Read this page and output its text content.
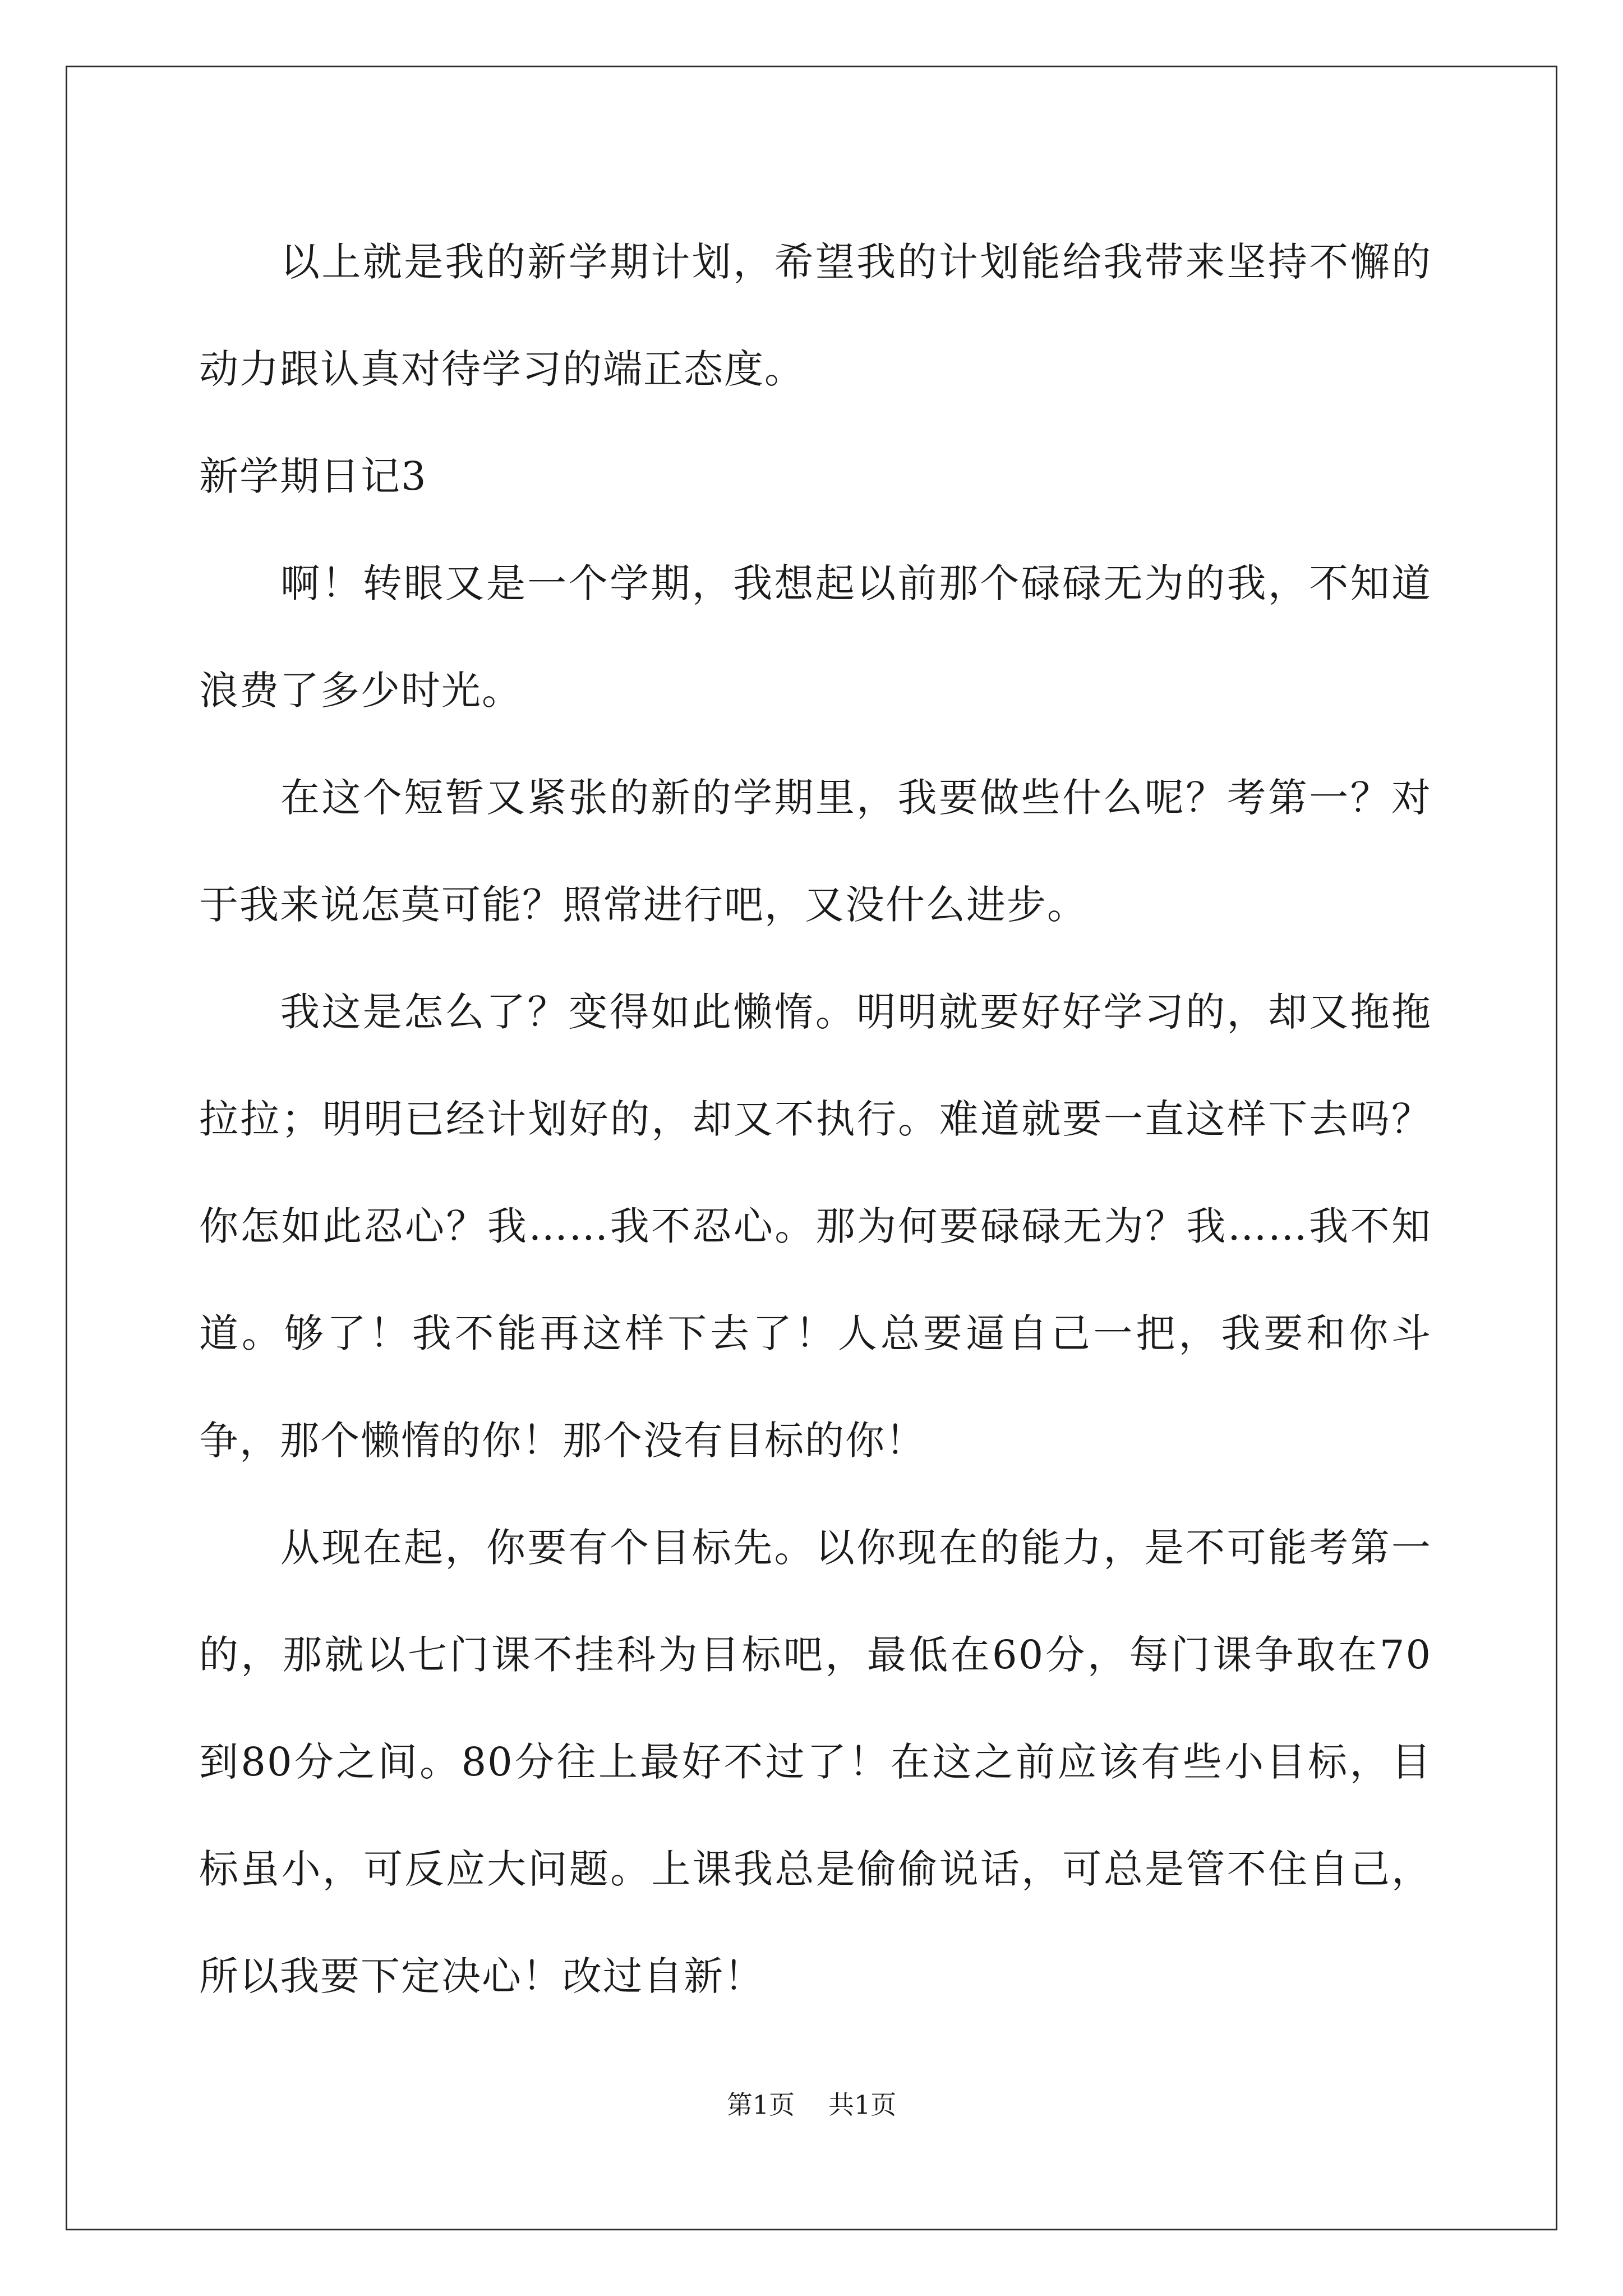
以上就是我的新学期计划，希望我的计划能给我带来坚持不懈的动力跟认真对待学习的端正态度。

新学期日记3

啊！转眼又是一个学期，我想起以前那个碌碌无为的我，不知道浪费了多少时光。

在这个短暂又紧张的新的学期里，我要做些什么呢？考第一？对于我来说怎莫可能？照常进行吧，又没什么进步。

我这是怎么了？变得如此懒惰。明明就要好好学习的，却又拖拖拉拉；明明已经计划好的，却又不执行。难道就要一直这样下去吗？你怎如此忍心？我……我不忍心。那为何要碌碌无为？我……我不知道。够了！我不能再这样下去了！人总要逼自己一把，我要和你斗争，那个懒惰的你！那个没有目标的你！

从现在起，你要有个目标先。以你现在的能力，是不可能考第一的，那就以七门课不挂科为目标吧，最低在60分，每门课争取在70到80分之间。80分往上最好不过了！在这之前应该有些小目标，目标虽小，可反应大问题。上课我总是偷偷说话，可总是管不住自己，所以我要下定决心！改过自新！

第1页 共1页
